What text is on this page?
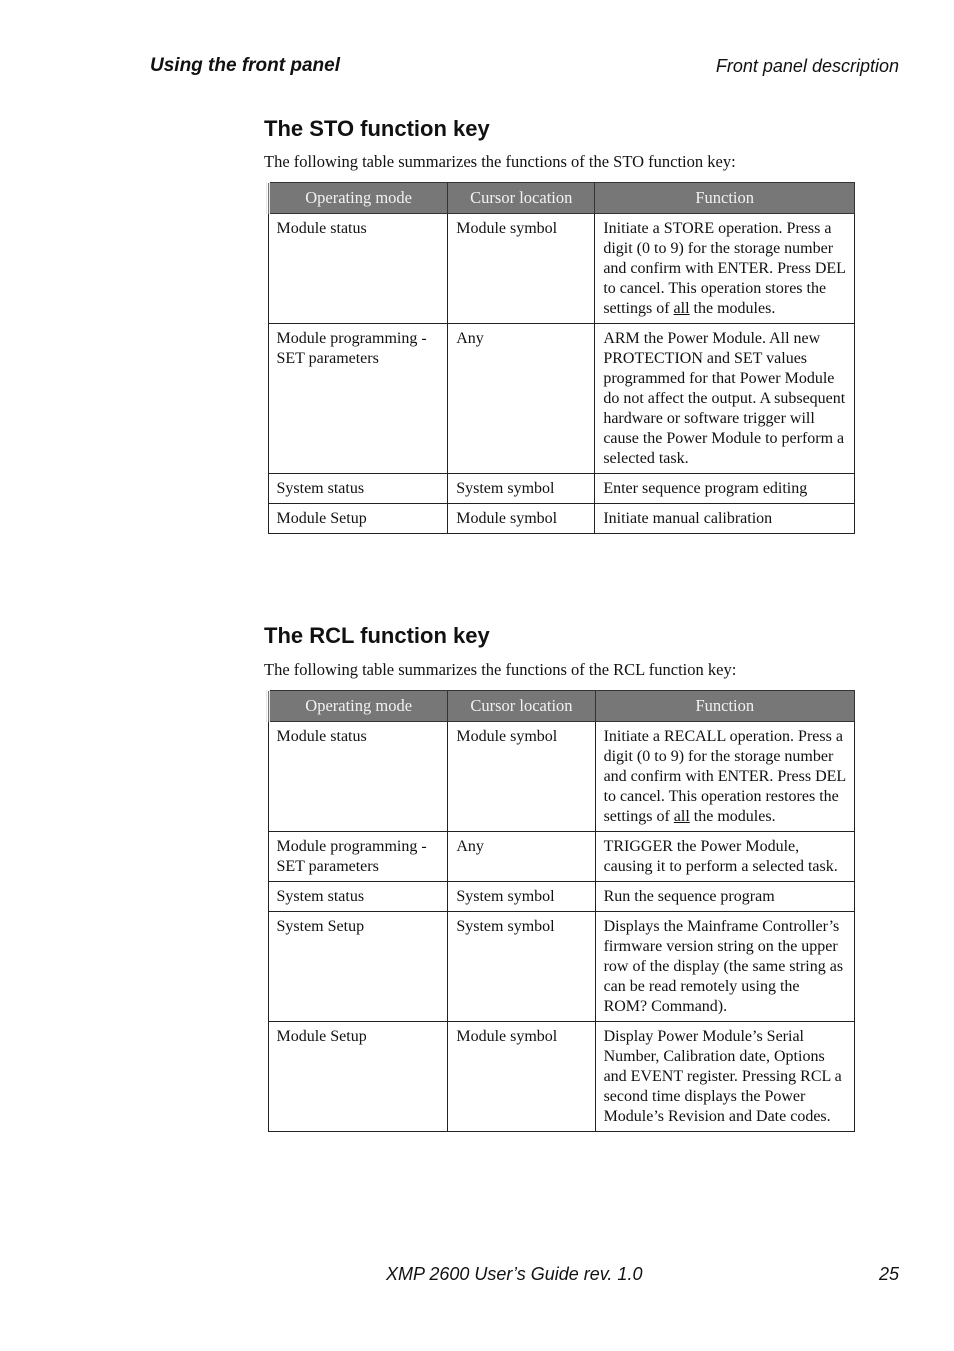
Using the front panel	Front panel description
The STO function key
The following table summarizes the functions of the STO function key:
Operating mode	Cursor location	Function
Module status	Module symbol	Initiate a STORE operation. Press a digit (0 to 9) for the storage number and confirm with ENTER. Press DEL to cancel. This operation stores the settings of all the modules.
Module programming - SET parameters	Any	ARM the Power Module. All new PROTECTION and SET values programmed for that Power Module do not affect the output. A subsequent hardware or software trigger will cause the Power Module to perform a selected task.
System status	System symbol	Enter sequence program editing
Module Setup	Module symbol	Initiate manual calibration
The RCL function key
The following table summarizes the functions of the RCL function key:
Operating mode	Cursor location	Function
Module status	Module symbol	Initiate a RECALL operation. Press a digit (0 to 9) for the storage number and confirm with ENTER. Press DEL to cancel. This operation restores the settings of all the modules.
Module programming - SET parameters	Any	TRIGGER the Power Module, causing it to perform a selected task.
System status	System symbol	Run the sequence program
System Setup	System symbol	Displays the Mainframe Controller’s firmware version string on the upper row of the display (the same string as can be read remotely using the ROM? Command).
Module Setup	Module symbol	Display Power Module’s Serial Number, Calibration date, Options and EVENT register. Pressing RCL a second time displays the Power Module’s Revision and Date codes.
XMP 2600 User’s Guide rev. 1.0	25
